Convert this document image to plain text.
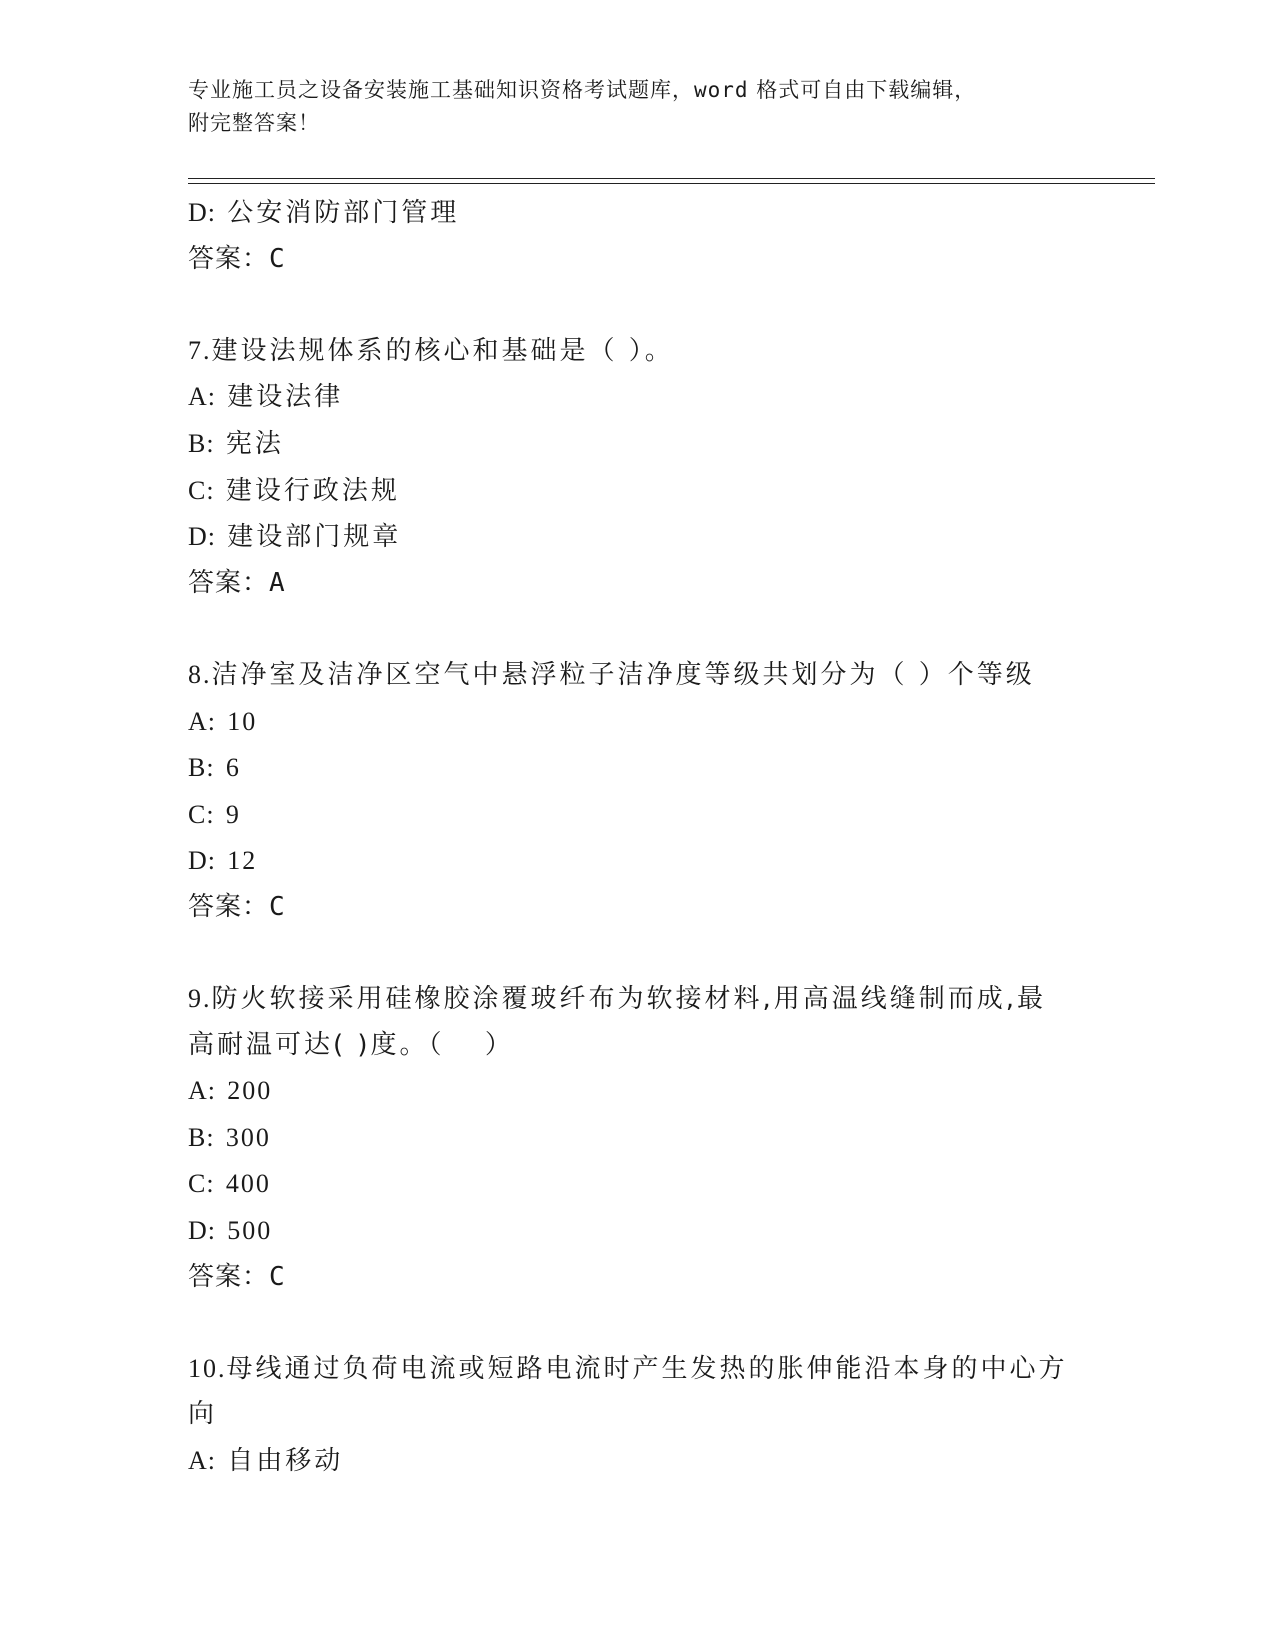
专业施工员之设备安装施工基础知识资格考试题库，word 格式可自由下载编辑，
附完整答案！
D: 公安消防部门管理
答案：C
7.建设法规体系的核心和基础是（ ）。
A: 建设法律
B: 宪法
C: 建设行政法规
D: 建设部门规章
答案：A
8.洁净室及洁净区空气中悬浮粒子洁净度等级共划分为（ ）个等级
A: 10
B: 6
C: 9
D: 12
答案：C
9.防火软接采用硅橡胶涂覆玻纤布为软接材料,用高温线缝制而成,最
高耐温可达( )度。（　 ）
A: 200
B: 300
C: 400
D: 500
答案：C
10.母线通过负荷电流或短路电流时产生发热的胀伸能沿本身的中心方
向
A: 自由移动
